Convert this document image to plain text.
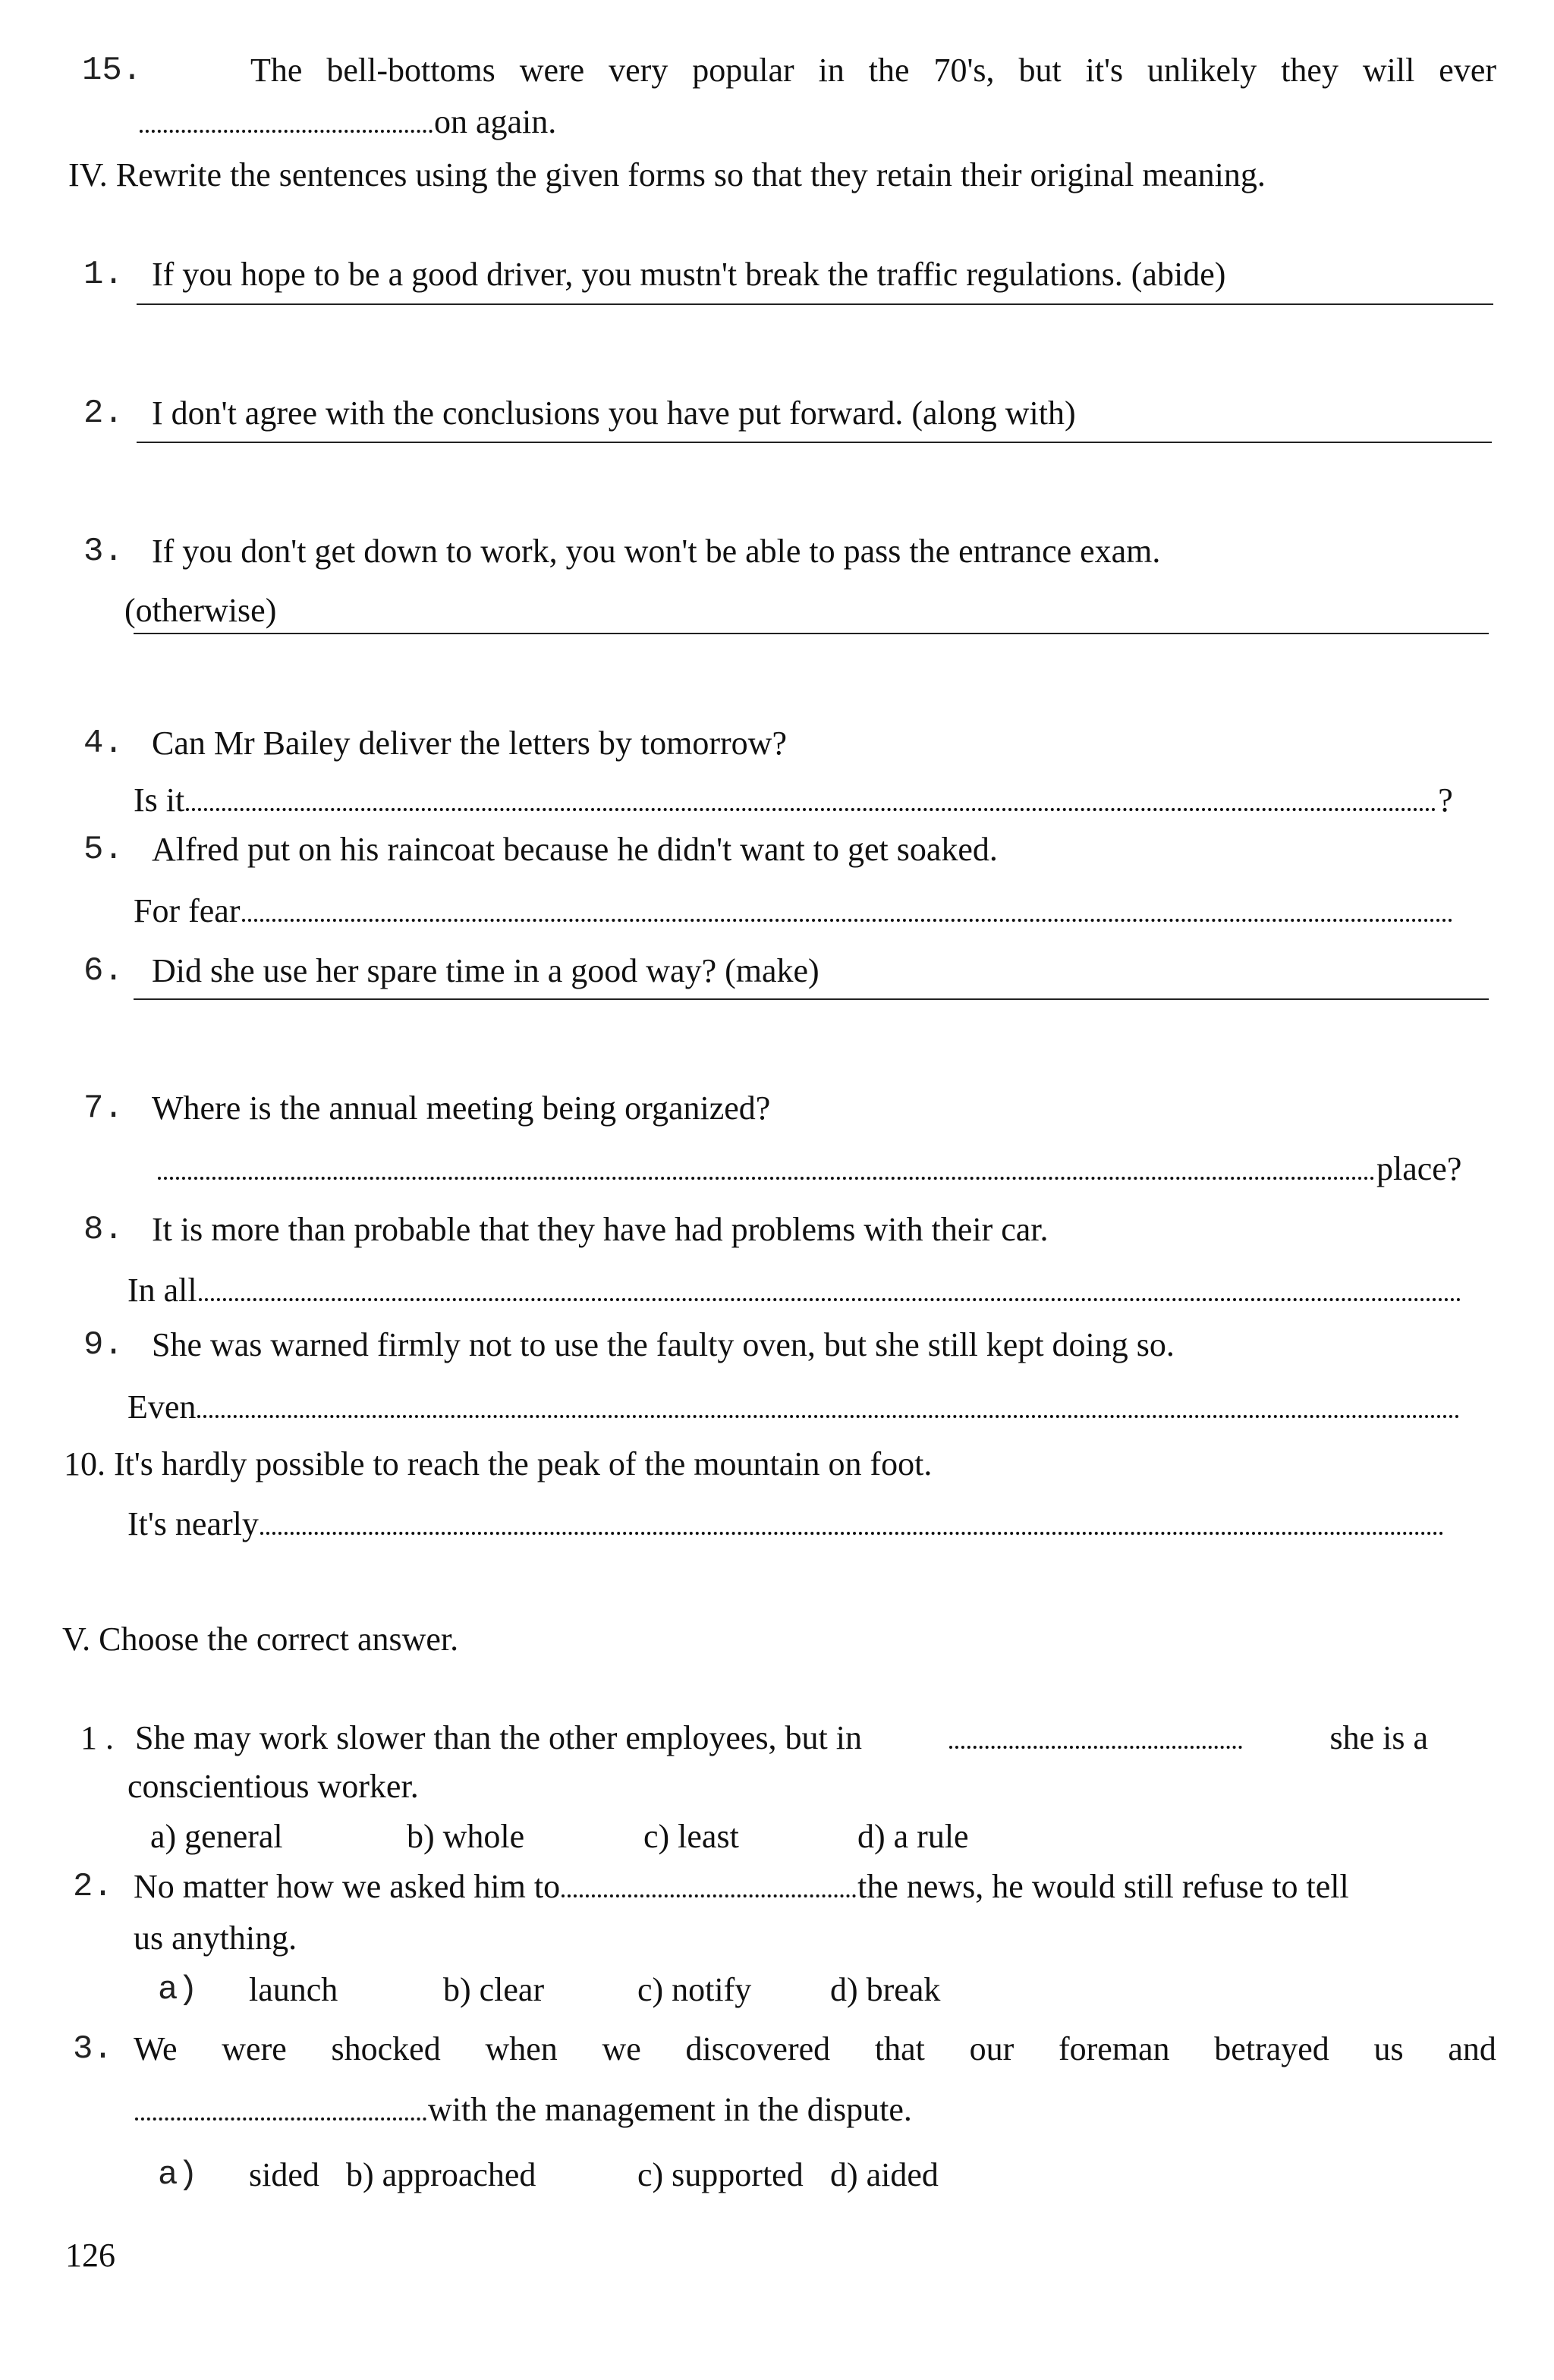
15.	The bell-bottoms were very popular in the 70's, but it's unlikely they will ever
on again.
IV. Rewrite the sentences using the given forms so that they retain their original meaning.
1. If you hope to be a good driver, you mustn't break the traffic regulations. (abide)
2. I don't agree with the conclusions you have put forward. (along with)
3. If you don't get down to work, you won't be able to pass the entrance exam.
(otherwise)
4. Can Mr Bailey deliver the letters by tomorrow?
Is it	?
5. Alfred put on his raincoat because he didn't want to get soaked.
For fear
6. Did she use her spare time in a good way? (make)
7. Where is the annual meeting being organized?
place?
8. It is more than probable that they have had problems with their car.
In all
9. She was warned firmly not to use the faulty oven, but she still kept doing so.
Even
10. It's hardly possible to reach the peak of the mountain on foot.
It's nearly
V. Choose the correct answer.
1 . She may work slower than the other employees, but in	she is a
conscientious worker.
a) general	b) whole	c) least	d) a rule
2. No matter how we asked him to	the news, he would still refuse to tell
us anything.
a) launch	b) clear	c) notify d) break
3. We were shocked when we discovered that our foreman betrayed us and
with the management in the dispute.
a) sided b) approached	c) supported d) aided
126
